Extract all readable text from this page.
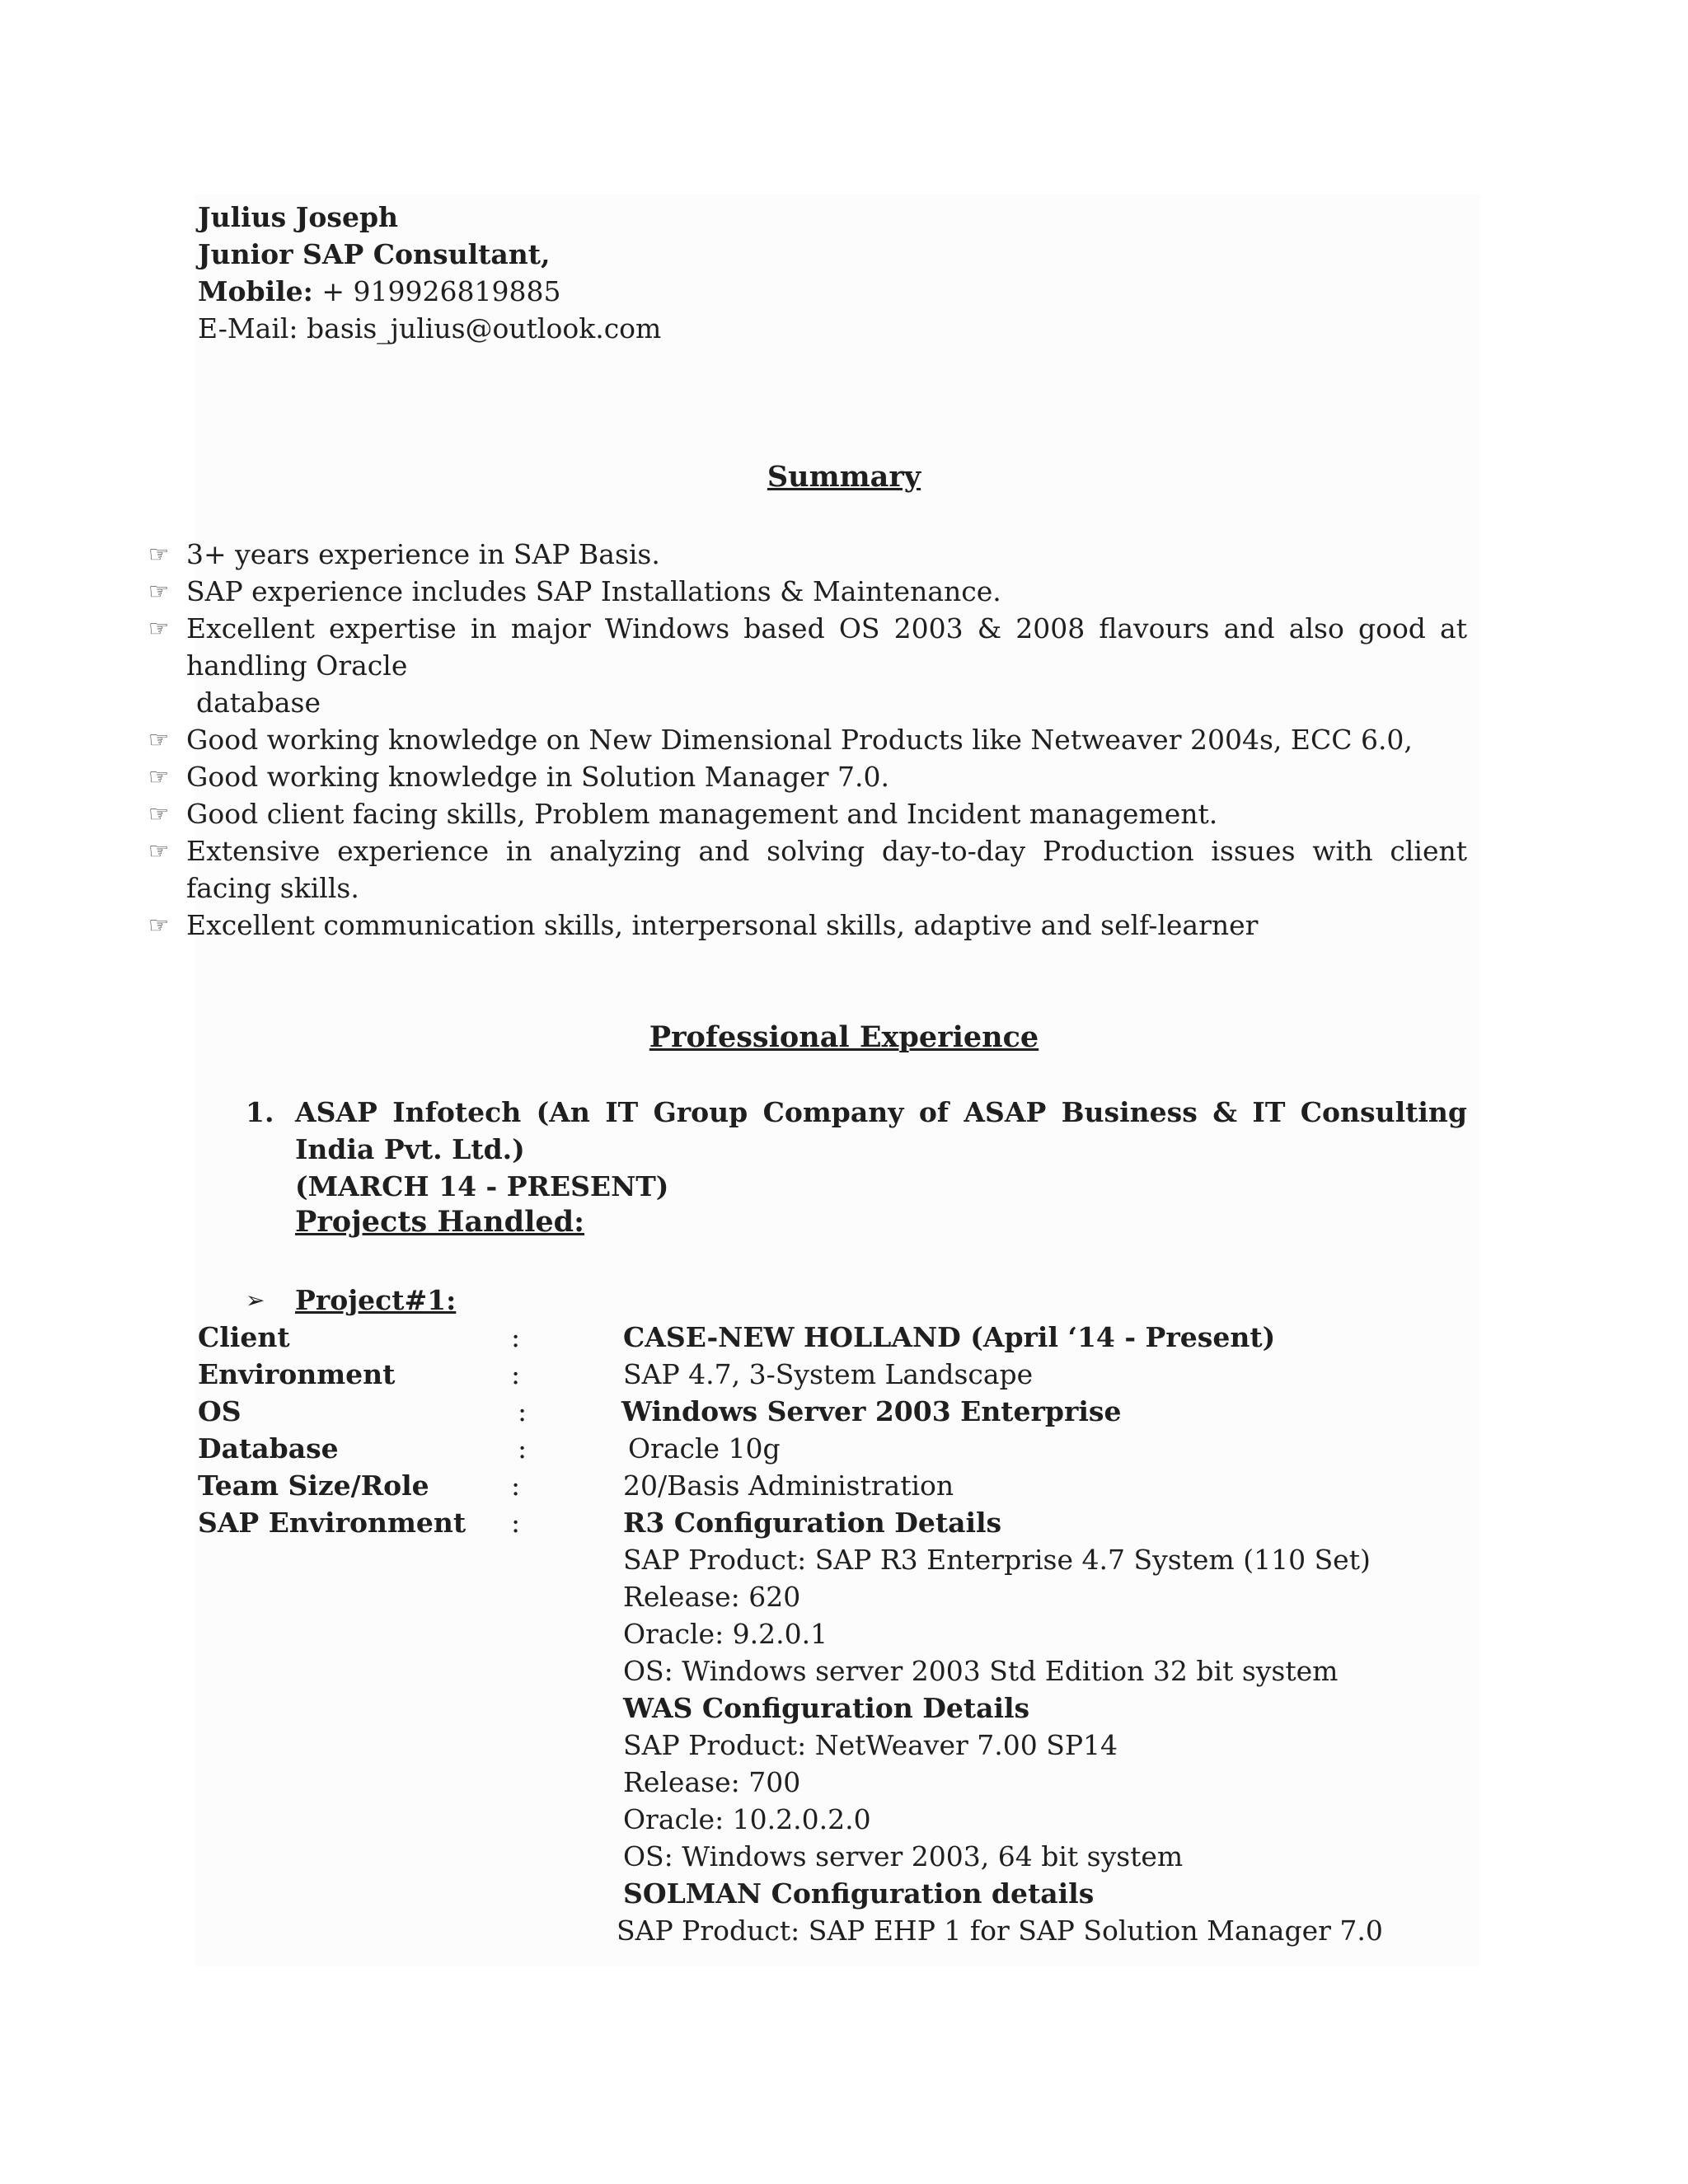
Julius Joseph
Junior SAP Consultant,
Mobile: + 919926819885
E-Mail: basis_julius@outlook.com
Summary
☞ 3+ years experience in SAP Basis.
☞ SAP experience includes SAP Installations & Maintenance.
☞ Excellent expertise in major Windows based OS 2003 & 2008 flavours and also good at handling Oracle
database
☞ Good working knowledge on New Dimensional Products like Netweaver 2004s, ECC 6.0,
☞ Good working knowledge in Solution Manager 7.0.
☞ Good client facing skills, Problem management and Incident management.
☞ Extensive experience in analyzing and solving day-to-day Production issues with client facing skills.
☞ Excellent communication skills, interpersonal skills, adaptive and self-learner
Professional Experience
1. ASAP Infotech (An IT Group Company of ASAP Business & IT Consulting India Pvt. Ltd.)
(MARCH 14 - PRESENT)
Projects Handled:
➢ Project#1:
Client	:	CASE-NEW HOLLAND (April ‘14 - Present)
Environment	:	SAP 4.7, 3-System Landscape
OS	:	Windows Server 2003 Enterprise
Database	:	Oracle 10g
Team Size/Role	:	20/Basis Administration
SAP Environment :	R3 Configuration Details
SAP Product: SAP R3 Enterprise 4.7 System (110 Set)
Release: 620
Oracle: 9.2.0.1
OS: Windows server 2003 Std Edition 32 bit system
WAS Configuration Details
SAP Product: NetWeaver 7.00 SP14
Release: 700
Oracle: 10.2.0.2.0
OS: Windows server 2003, 64 bit system
SOLMAN Configuration details
SAP Product: SAP EHP 1 for SAP Solution Manager 7.0
